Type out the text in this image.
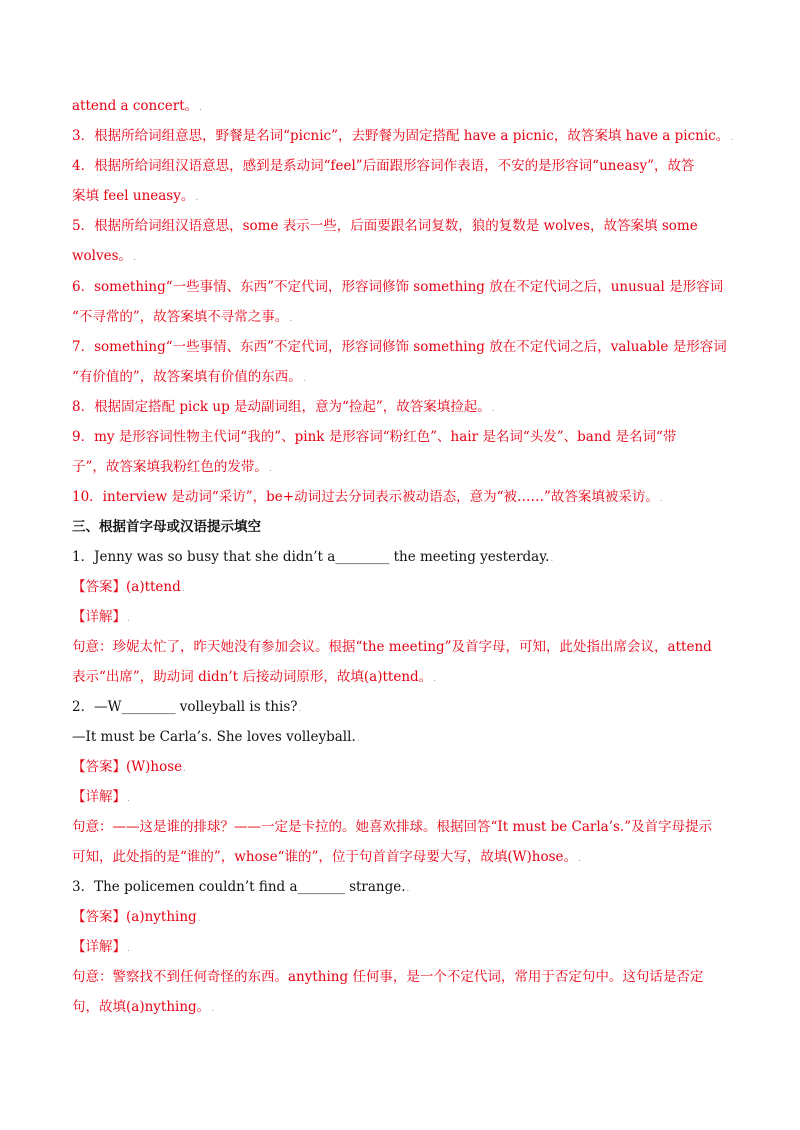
attend a concert。.
3．根据所给词组意思，野餐是名词“picnic”，去野餐为固定搭配 have a picnic，故答案填 have a picnic。.
4．根据所给词组汉语意思，感到是系动词“feel”后面跟形容词作表语，不安的是形容词“uneasy”，故答
案填 feel uneasy。.
5．根据所给词组汉语意思，some 表示一些，后面要跟名词复数，狼的复数是 wolves，故答案填 some
wolves。.
6．something“一些事情、东西”不定代词，形容词修饰 something 放在不定代词之后，unusual 是形容词
“不寻常的”，故答案填不寻常之事。.
7．something“一些事情、东西”不定代词，形容词修饰 something 放在不定代词之后，valuable 是形容词
“有价值的”，故答案填有价值的东西。.
8．根据固定搭配 pick up 是动副词组，意为“捡起”，故答案填捡起。.
9．my 是形容词性物主代词“我的”、pink 是形容词“粉红色”、hair 是名词“头发”、band 是名词“带
子”，故答案填我粉红色的发带。.
10．interview 是动词“采访”，be+动词过去分词表示被动语态，意为“被……”故答案填被采访。.
三、根据首字母或汉语提示填空
1．Jenny was so busy that she didn’t a________ the meeting yesterday..
【答案】(a)ttend.
【详解】.
句意：珍妮太忙了，昨天她没有参加会议。根据“the meeting”及首字母，可知，此处指出席会议，attend
表示“出席”，助动词 didn’t 后接动词原形，故填(a)ttend。.
2．—W________ volleyball is this?.
—It must be Carla’s. She loves volleyball..
【答案】(W)hose.
【详解】.
句意：——这是谁的排球？——一定是卡拉的。她喜欢排球。根据回答“It must be Carla’s.”及首字母提示
可知，此处指的是“谁的”，whose“谁的”，位于句首首字母要大写，故填(W)hose。.
3．The policemen couldn’t find a_______ strange..
【答案】(a)nything.
【详解】.
句意：警察找不到任何奇怪的东西。anything 任何事，是一个不定代词，常用于否定句中。这句话是否定
句，故填(a)nything。.
